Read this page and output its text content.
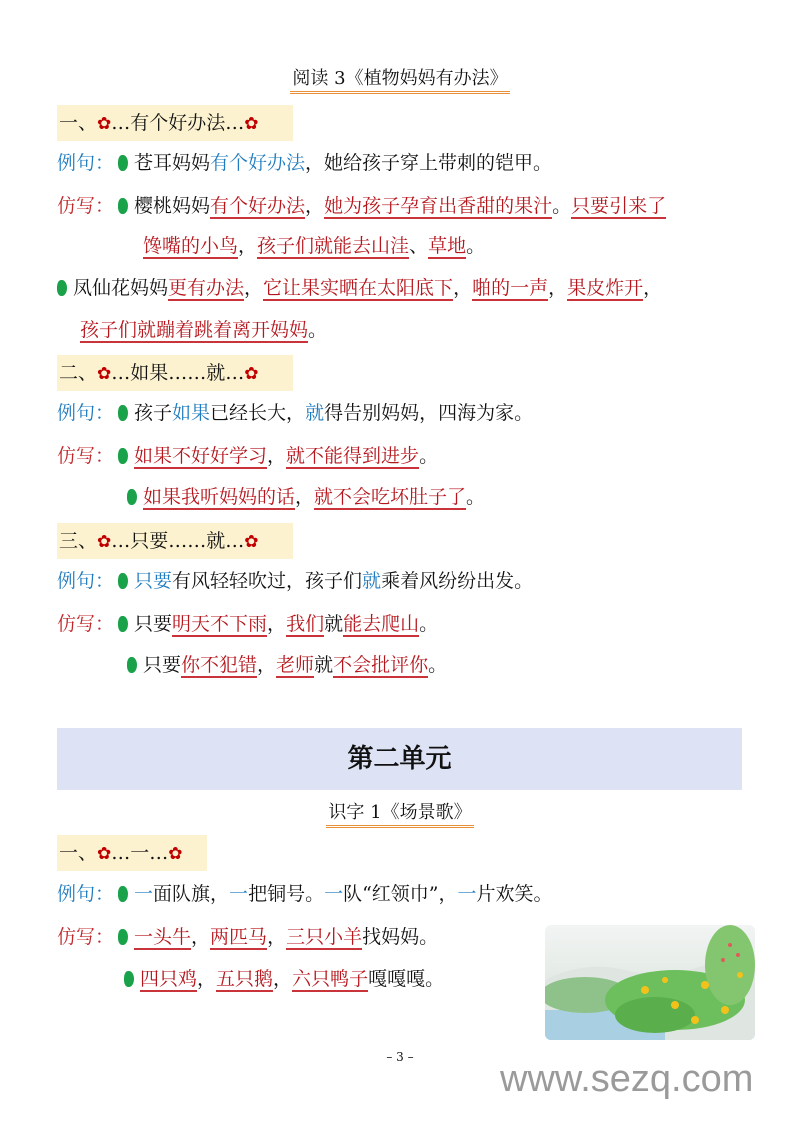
阅读 3《植物妈妈有办法》
一、✿…有个好办法…✿
例句： 苍耳妈妈有个好办法，她给孩子穿上带刺的铠甲。
仿写： 樱桃妈妈有个好办法，她为孩子孕育出香甜的果汁。只要引来了
馋嘴的小鸟，孩子们就能去山洼、草地。
凤仙花妈妈更有办法，它让果实晒在太阳底下，啪的一声，果皮炸开，
孩子们就蹦着跳着离开妈妈。
二、✿…如果……就…✿
例句： 孩子如果已经长大，就得告别妈妈，四海为家。
仿写： 如果不好好学习，就不能得到进步。
如果我听妈妈的话，就不会吃坏肚子了。
三、✿…只要……就…✿
例句： 只要有风轻轻吹过，孩子们就乘着风纷纷出发。
仿写： 只要明天不下雨，我们就能去爬山。
只要你不犯错，老师就不会批评你。
第二单元
识字 1《场景歌》
一、✿…一…✿
例句： 一面队旗，一把铜号。一队“红领巾”，一片欢笑。
仿写： 一头牛，两匹马，三只小羊找妈妈。
四只鸡，五只鹅，六只鸭子嘎嘎嘎。
– 3 –
www.sezq.com
